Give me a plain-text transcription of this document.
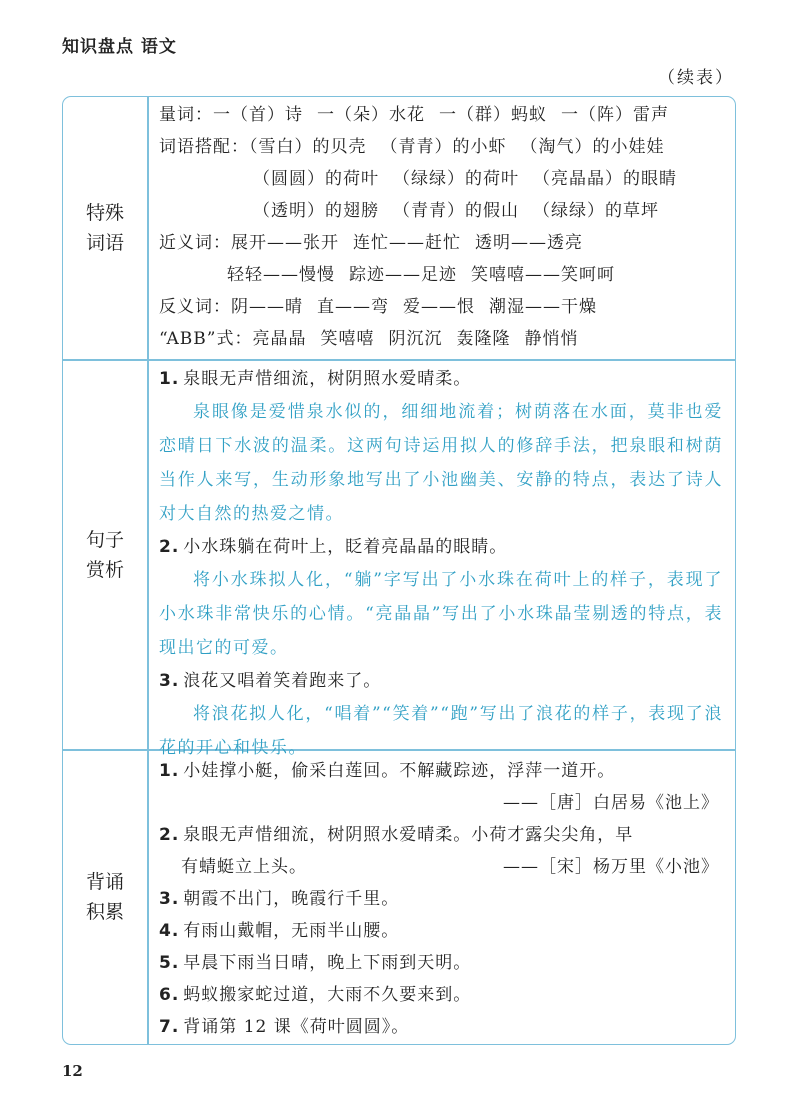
知识盘点 语文
（续表）
特殊
词语
量词：一（首）诗 一（朵）水花 一（群）蚂蚁 一（阵）雷声
词语搭配：（雪白）的贝壳 （青青）的小虾 （淘气）的小娃娃
（圆圆）的荷叶 （绿绿）的荷叶 （亮晶晶）的眼睛
（透明）的翅膀 （青青）的假山 （绿绿）的草坪
近义词：展开——张开 连忙——赶忙 透明——透亮
轻轻——慢慢 踪迹——足迹 笑嘻嘻——笑呵呵
反义词：阴——晴 直——弯 爱——恨 潮湿——干燥
“ABB”式：亮晶晶 笑嘻嘻 阴沉沉 轰隆隆 静悄悄
句子
赏析
1. 泉眼无声惜细流，树阴照水爱晴柔。

泉眼像是爱惜泉水似的，细细地流着；树荫落在水面，莫非也爱恋晴日下水波的温柔。这两句诗运用拟人的修辞手法，把泉眼和树荫当作人来写，生动形象地写出了小池幽美、安静的特点，表达了诗人对大自然的热爱之情。

2. 小水珠躺在荷叶上，眨着亮晶晶的眼睛。

将小水珠拟人化，“躺”字写出了小水珠在荷叶上的样子，表现了小水珠非常快乐的心情。“亮晶晶”写出了小水珠晶莹剔透的特点，表现出它的可爱。

3. 浪花又唱着笑着跑来了。

将浪花拟人化，“唱着”“笑着”“跑”写出了浪花的样子，表现了浪花的开心和快乐。

背诵
积累
1. 小娃撑小艇，偷采白莲回。不解藏踪迹，浮萍一道开。
——［唐］白居易《池上》
2. 泉眼无声惜细流，树阴照水爱晴柔。小荷才露尖尖角，早
有蜻蜓立上头。	——［宋］杨万里《小池》
3. 朝霞不出门，晚霞行千里。
4. 有雨山戴帽，无雨半山腰。
5. 早晨下雨当日晴，晚上下雨到天明。
6. 蚂蚁搬家蛇过道，大雨不久要来到。
7. 背诵第 12 课《荷叶圆圆》。
12
